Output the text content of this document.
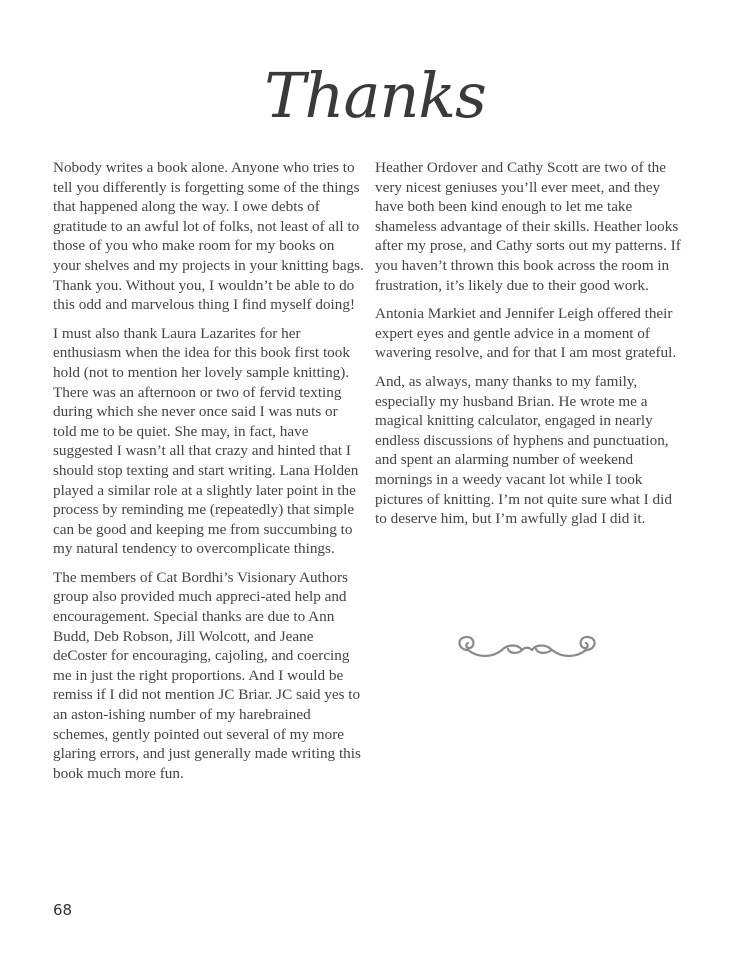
Thanks

Nobody writes a book alone. Anyone who tries to tell you differently is forgetting some of the things that happened along the way. I owe debts of gratitude to an awful lot of folks, not least of all to those of you who make room for my books on your shelves and my projects in your knitting bags. Thank you. Without you, I wouldn’t be able to do this odd and marvelous thing I find myself doing!

I must also thank Laura Lazarites for her enthusiasm when the idea for this book first took hold (not to mention her lovely sample knitting). There was an afternoon or two of fervid texting during which she never once said I was nuts or told me to be quiet. She may, in fact, have suggested I wasn’t all that crazy and hinted that I should stop texting and start writing. Lana Holden played a similar role at a slightly later point in the process by reminding me (repeatedly) that simple can be good and keeping me from succumbing to my natural tendency to overcomplicate things.

The members of Cat Bordhi’s Visionary Authors group also provided much appreci-ated help and encouragement. Special thanks are due to Ann Budd, Deb Robson, Jill Wolcott, and Jeane deCoster for encouraging, cajoling, and coercing me in just the right proportions. And I would be remiss if I did not mention JC Briar. JC said yes to an aston-ishing number of my harebrained schemes, gently pointed out several of my more glaring errors, and just generally made writing this book much more fun.

Heather Ordover and Cathy Scott are two of the very nicest geniuses you’ll ever meet, and they have both been kind enough to let me take shameless advantage of their skills. Heather looks after my prose, and Cathy sorts out my patterns. If you haven’t thrown this book across the room in frustration, it’s likely due to their good work.

Antonia Markiet and Jennifer Leigh offered their expert eyes and gentle advice in a moment of wavering resolve, and for that I am most grateful.

And, as always, many thanks to my family, especially my husband Brian. He wrote me a magical knitting calculator, engaged in nearly endless discussions of hyphens and punctuation, and spent an alarming number of weekend mornings in a weedy vacant lot while I took pictures of knitting. I’m not quite sure what I did to deserve him, but I’m awfully glad I did it.

68
